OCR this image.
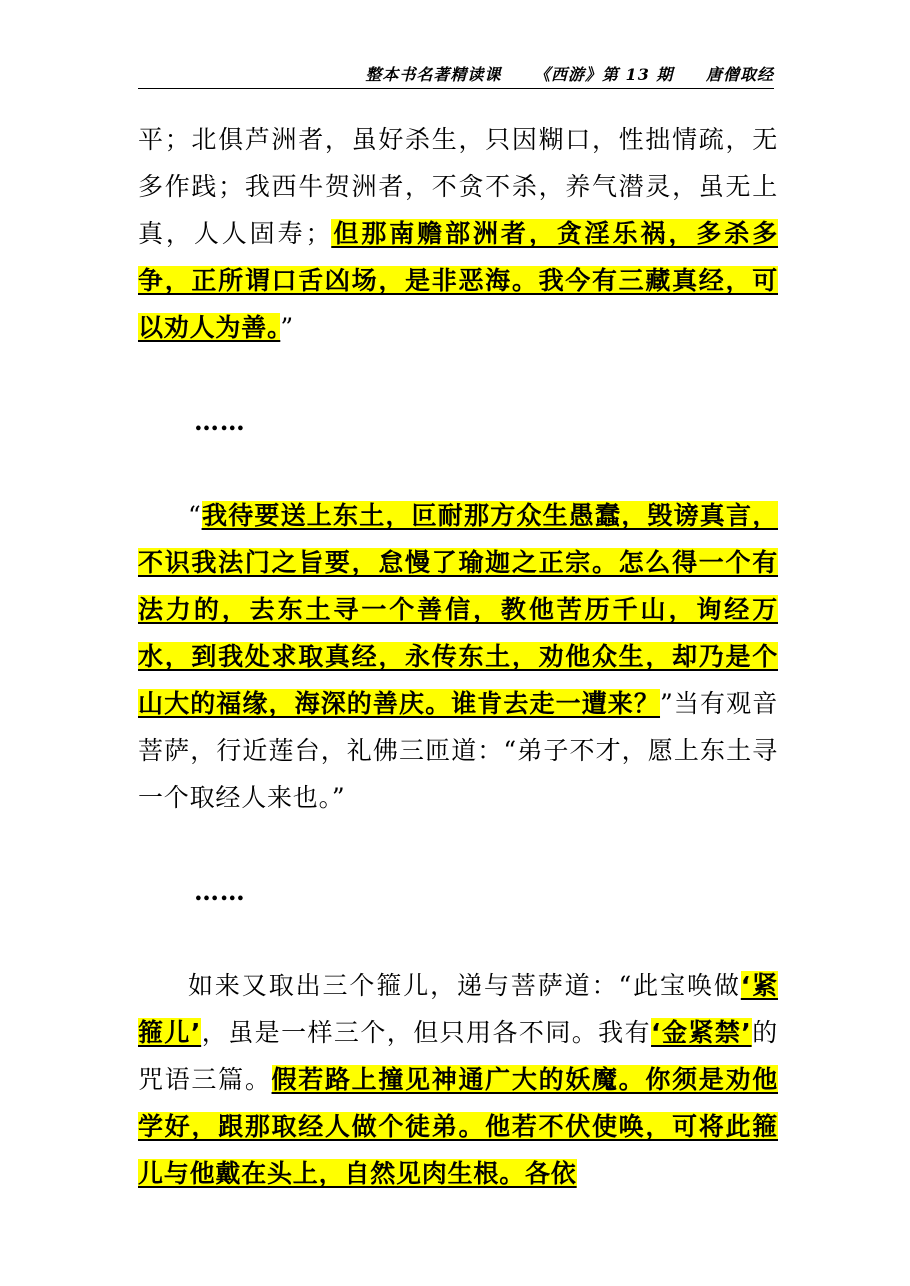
整本书名著精读课 《西游》第 13 期 唐僧取经

平；北俱芦洲者，虽好杀生，只因糊口，性拙情疏，无多作践；我西牛贺洲者，不贪不杀，养气潜灵，虽无上真，人人固寿；但那南赡部洲者，贪淫乐祸，多杀多争，正所谓口舌凶场，是非恶海。我今有三藏真经，可以劝人为善。”

……

“我待要送上东土，叵耐那方众生愚蠢，毁谤真言，不识我法门之旨要，怠慢了瑜迦之正宗。怎么得一个有法力的，去东土寻一个善信，教他苦历千山，询经万水，到我处求取真经，永传东土，劝他众生，却乃是个山大的福缘，海深的善庆。谁肯去走一遭来？”当有观音菩萨，行近莲台，礼佛三匝道：“弟子不才，愿上东土寻一个取经人来也。”

……

如来又取出三个箍儿，递与菩萨道：“此宝唤做‘紧箍儿’，虽是一样三个，但只用各不同。我有‘金紧禁’的咒语三篇。假若路上撞见神通广大的妖魔。你须是劝他学好，跟那取经人做个徒弟。他若不伏使唤，可将此箍儿与他戴在头上，自然见肉生根。各依
